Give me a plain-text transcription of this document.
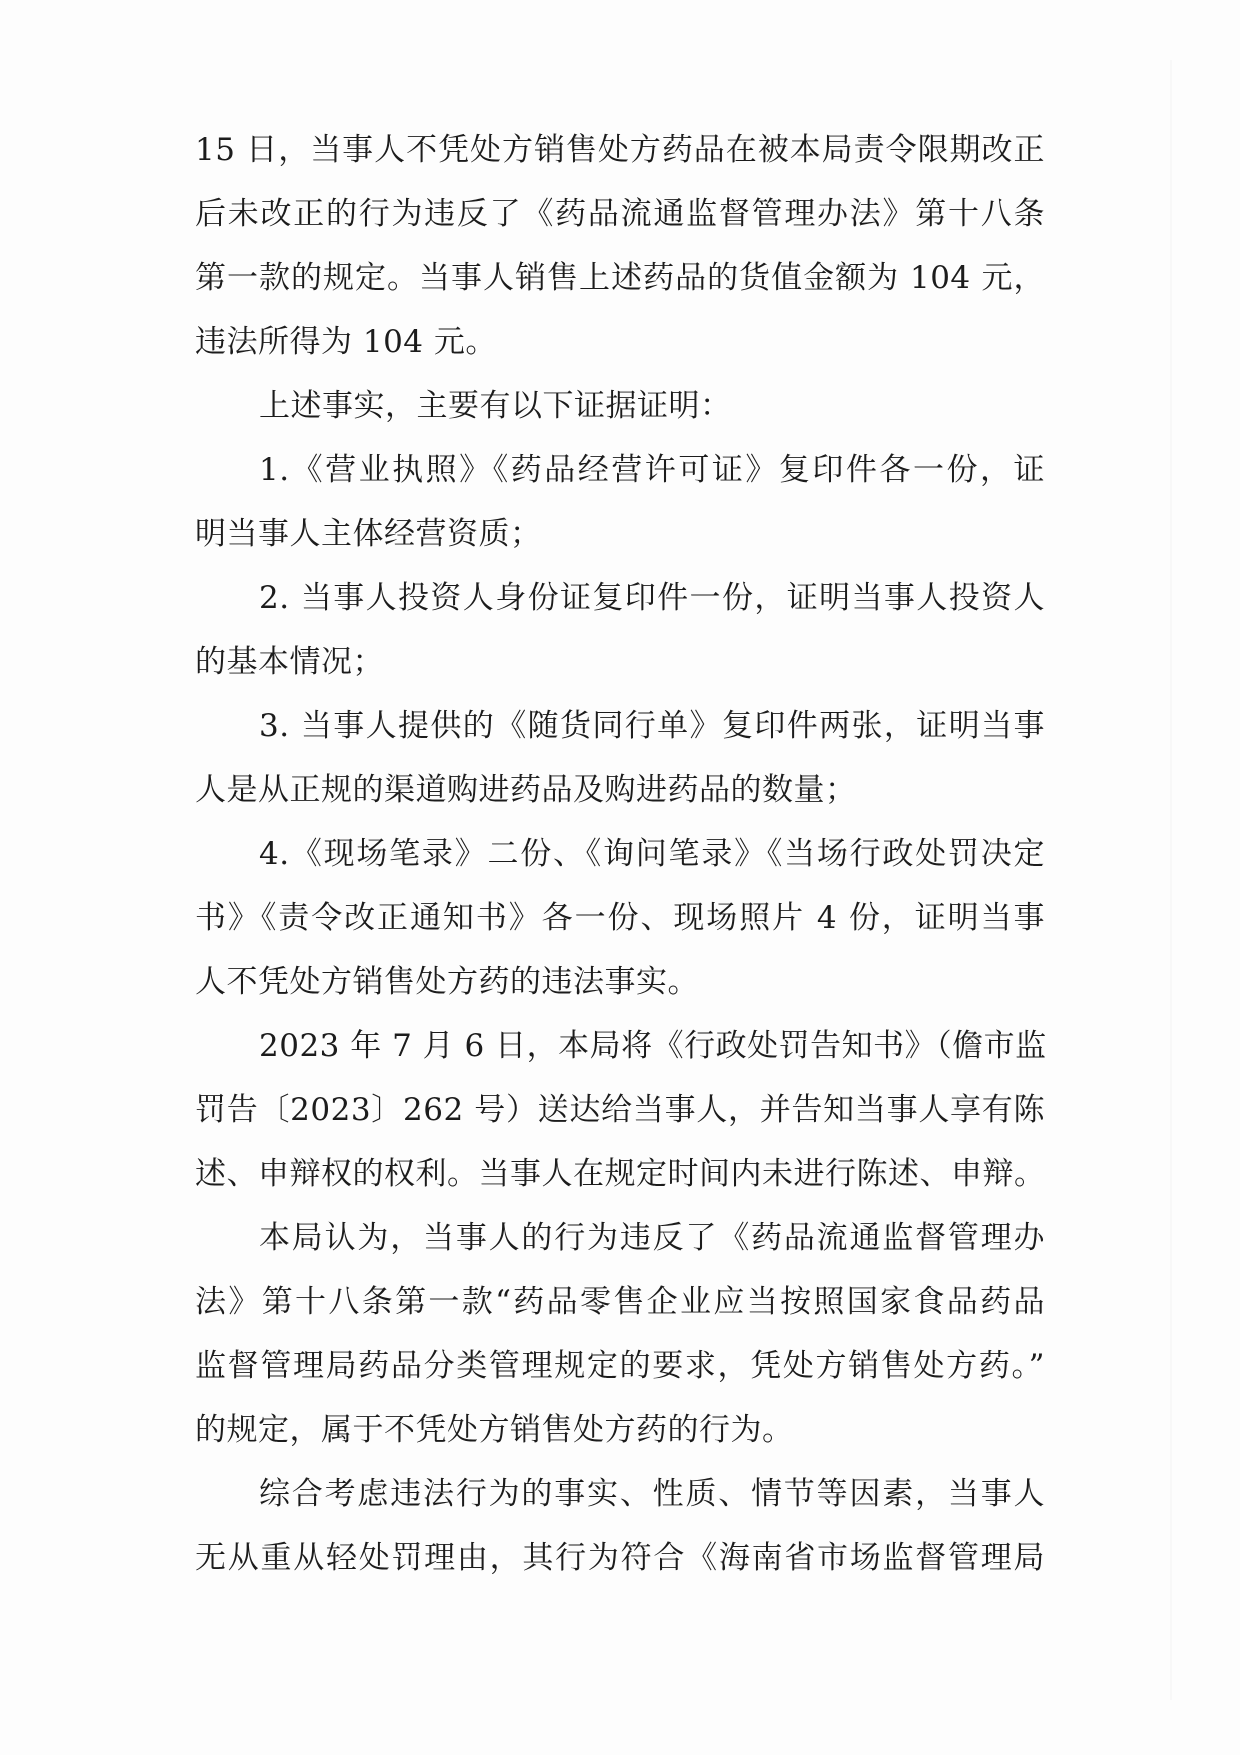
15 日，当事人不凭处方销售处方药品在被本局责令限期改正
后未改正的行为违反了《药品流通监督管理办法》第十八条
第一款的规定。当事人销售上述药品的货值金额为 104 元，
违法所得为 104 元。
上述事实，主要有以下证据证明：
1.《营业执照》《药品经营许可证》复印件各一份，证
明当事人主体经营资质；
2. 当事人投资人身份证复印件一份，证明当事人投资人
的基本情况；
3. 当事人提供的《随货同行单》复印件两张，证明当事
人是从正规的渠道购进药品及购进药品的数量；
4.《现场笔录》二份、《询问笔录》《当场行政处罚决定
书》《责令改正通知书》各一份、现场照片 4 份，证明当事
人不凭处方销售处方药的违法事实。
2023 年 7 月 6 日，本局将《行政处罚告知书》（儋市监
罚告〔2023〕262 号）送达给当事人，并告知当事人享有陈
述、申辩权的权利。当事人在规定时间内未进行陈述、申辩。
本局认为，当事人的行为违反了《药品流通监督管理办
法》第十八条第一款“药品零售企业应当按照国家食品药品
监督管理局药品分类管理规定的要求，凭处方销售处方药。”
的规定，属于不凭处方销售处方药的行为。
综合考虑违法行为的事实、性质、情节等因素，当事人
无从重从轻处罚理由，其行为符合《海南省市场监督管理局
